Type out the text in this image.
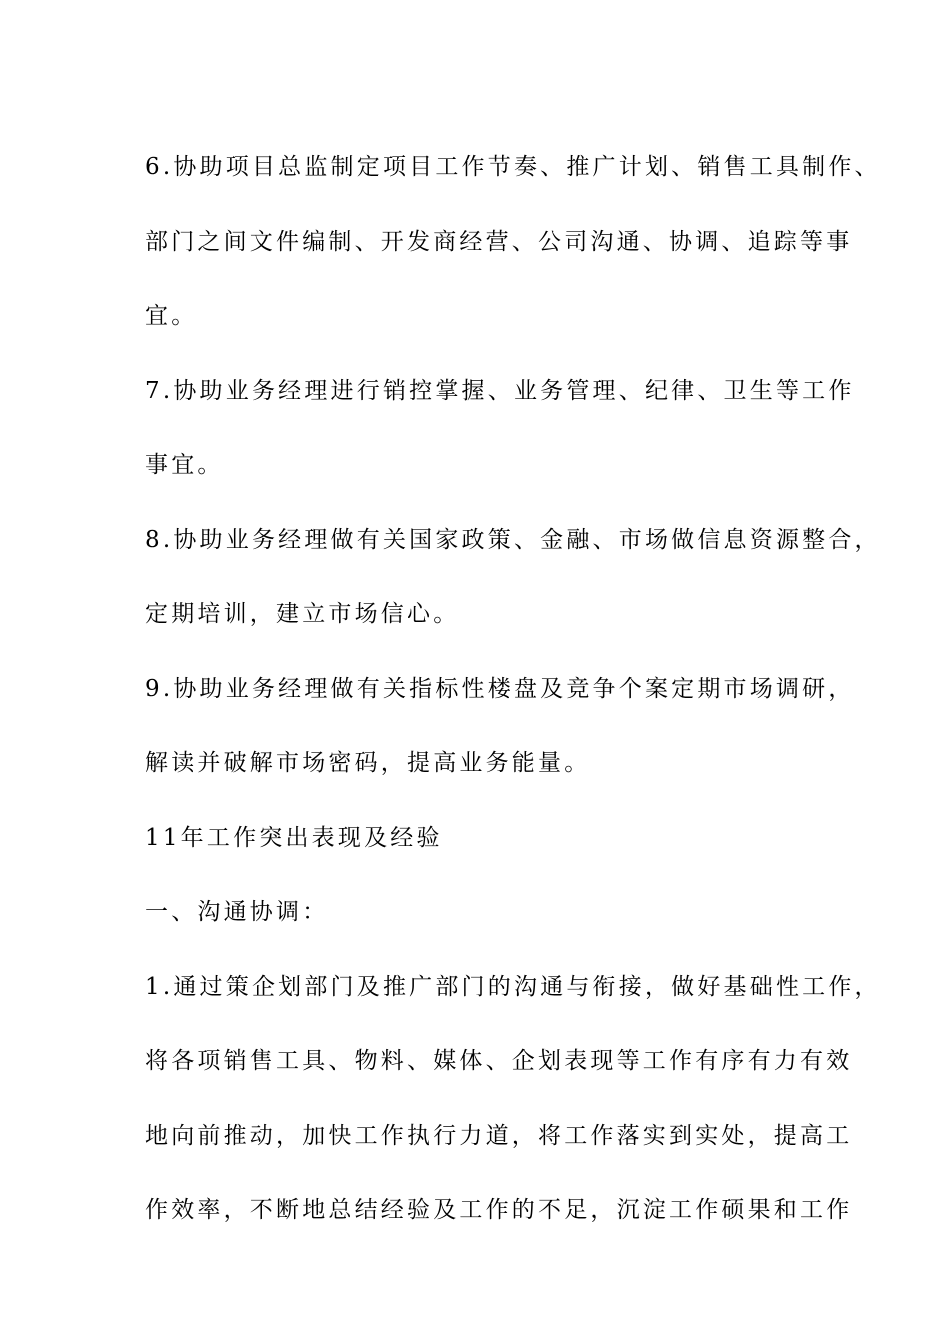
6.协助项目总监制定项目工作节奏、推广计划、销售工具制作、
部门之间文件编制、开发商经营、公司沟通、协调、追踪等事
宜。
7.协助业务经理进行销控掌握、业务管理、纪律、卫生等工作
事宜。
8.协助业务经理做有关国家政策、金融、市场做信息资源整合，
定期培训，建立市场信心。
9.协助业务经理做有关指标性楼盘及竞争个案定期市场调研，
解读并破解市场密码，提高业务能量。
11年工作突出表现及经验
一、沟通协调：
1.通过策企划部门及推广部门的沟通与衔接，做好基础性工作，
将各项销售工具、物料、媒体、企划表现等工作有序有力有效
地向前推动，加快工作执行力道，将工作落实到实处，提高工
作效率，不断地总结经验及工作的不足，沉淀工作硕果和工作
